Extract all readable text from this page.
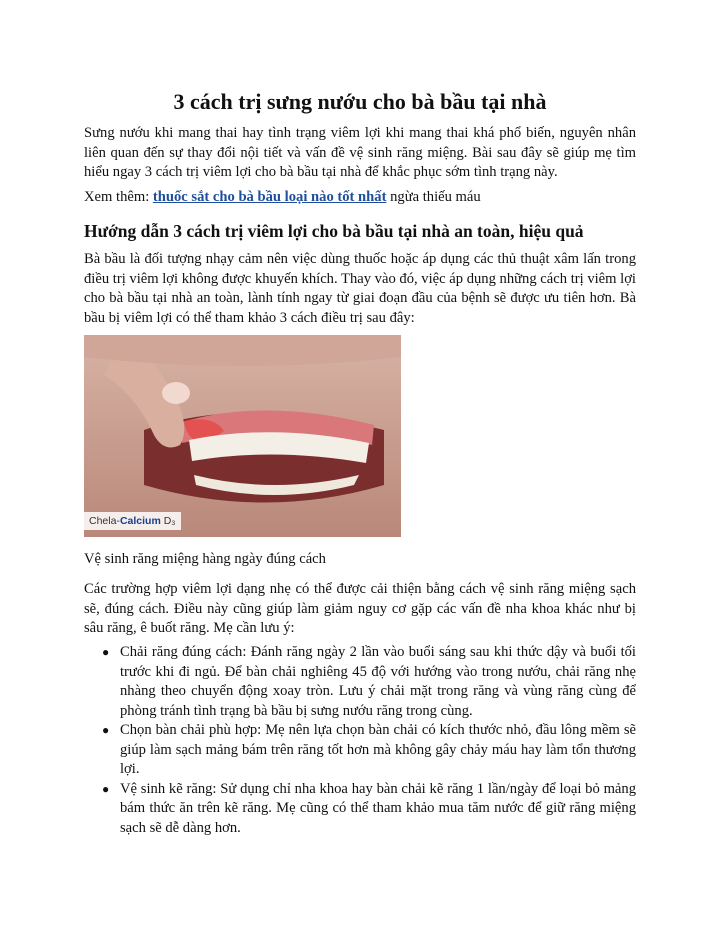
3 cách trị sưng nướu cho bà bầu tại nhà

Sưng nướu khi mang thai hay tình trạng viêm lợi khi mang thai khá phổ biến, nguyên nhân liên quan đến sự thay đổi nội tiết và vấn đề vệ sinh răng miệng. Bài sau đây sẽ giúp mẹ tìm hiểu ngay 3 cách trị viêm lợi cho bà bầu tại nhà để khắc phục sớm tình trạng này.

Xem thêm: thuốc sắt cho bà bầu loại nào tốt nhất ngừa thiếu máu

Hướng dẫn 3 cách trị viêm lợi cho bà bầu tại nhà an toàn, hiệu quả

Bà bầu là đối tượng nhạy cảm nên việc dùng thuốc hoặc áp dụng các thủ thuật xâm lấn trong điều trị viêm lợi không được khuyến khích. Thay vào đó, việc áp dụng những cách trị viêm lợi cho bà bầu tại nhà an toàn, lành tính ngay từ giai đoạn đầu của bệnh sẽ được ưu tiên hơn. Bà bầu bị viêm lợi có thể tham khảo 3 cách điều trị sau đây:

Chela-Calcium D₃

Vệ sinh răng miệng hàng ngày đúng cách

Các trường hợp viêm lợi dạng nhẹ có thể được cải thiện bằng cách vệ sinh răng miệng sạch sẽ, đúng cách. Điều này cũng giúp làm giảm nguy cơ gặp các vấn đề nha khoa khác như bị sâu răng, ê buốt răng. Mẹ cần lưu ý:

● Chải răng đúng cách: Đánh răng ngày 2 lần vào buổi sáng sau khi thức dậy và buổi tối trước khi đi ngủ. Để bàn chải nghiêng 45 độ với hướng vào trong nướu, chải răng nhẹ nhàng theo chuyển động xoay tròn. Lưu ý chải mặt trong răng và vùng răng cùng để phòng tránh tình trạng bà bầu bị sưng nướu răng trong cùng.
● Chọn bàn chải phù hợp: Mẹ nên lựa chọn bàn chải có kích thước nhỏ, đầu lông mềm sẽ giúp làm sạch mảng bám trên răng tốt hơn mà không gây chảy máu hay làm tổn thương lợi.
● Vệ sinh kẽ răng: Sử dụng chỉ nha khoa hay bàn chải kẽ răng 1 lần/ngày để loại bỏ mảng bám thức ăn trên kẽ răng. Mẹ cũng có thể tham khảo mua tăm nước để giữ răng miệng sạch sẽ dễ dàng hơn.
